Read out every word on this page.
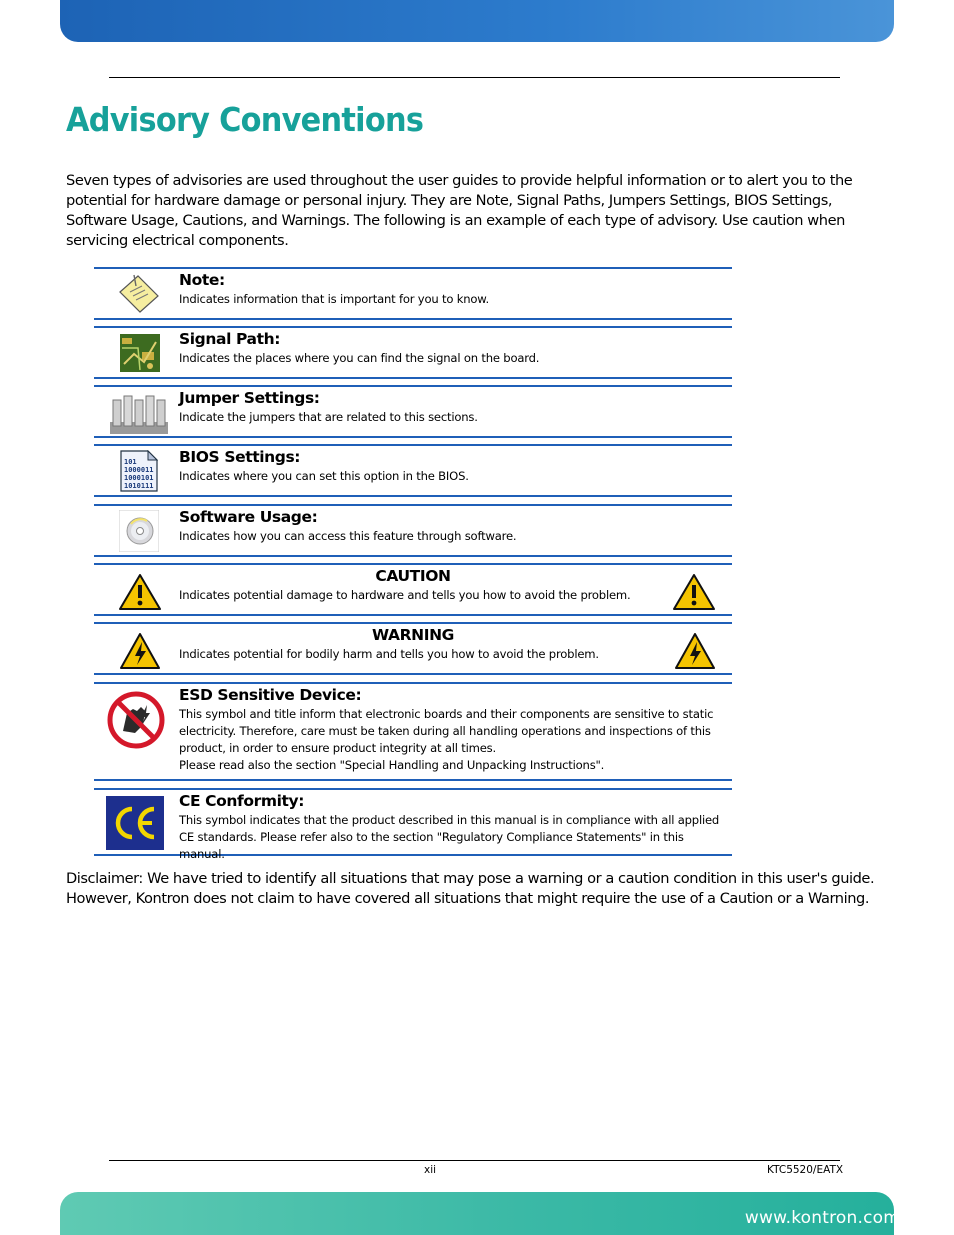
Advisory Conventions

Seven types of advisories are used throughout the user guides to provide helpful information or to alert you to the potential for hardware damage or personal injury. They are Note, Signal Paths, Jumpers Settings, BIOS Settings, Software Usage, Cautions, and Warnings. The following is an example of each type of advisory. Use caution when servicing electrical components.

Note:
Indicates information that is important for you to know.
Signal Path:
Indicates the places where you can find the signal on the board.
Jumper Settings:
Indicate the jumpers that are related to this sections.
101
1000011
1000101
1010111
BIOS Settings:
Indicates where you can set this option in the BIOS.
Software Usage:
Indicates how you can access this feature through software.
CAUTION
Indicates potential damage to hardware and tells you how to avoid the problem.
WARNING
Indicates potential for bodily harm and tells you how to avoid the problem.
ESD Sensitive Device:
This symbol and title inform that electronic boards and their components are sensitive to static electricity. Therefore, care must be taken during all handling operations and inspections of this product, in order to ensure product integrity at all times.
Please read also the section "Special Handling and Unpacking Instructions".
CE Conformity:
This symbol indicates that the product described in this manual is in compliance with all applied CE standards. Please refer also to the section "Regulatory Compliance Statements" in this manual.

Disclaimer: We have tried to identify all situations that may pose a warning or a caution condition in this user's guide. However, Kontron does not claim to have covered all situations that might require the use of a Caution or a Warning.

xii	KTC5520/EATX
www.kontron.com
